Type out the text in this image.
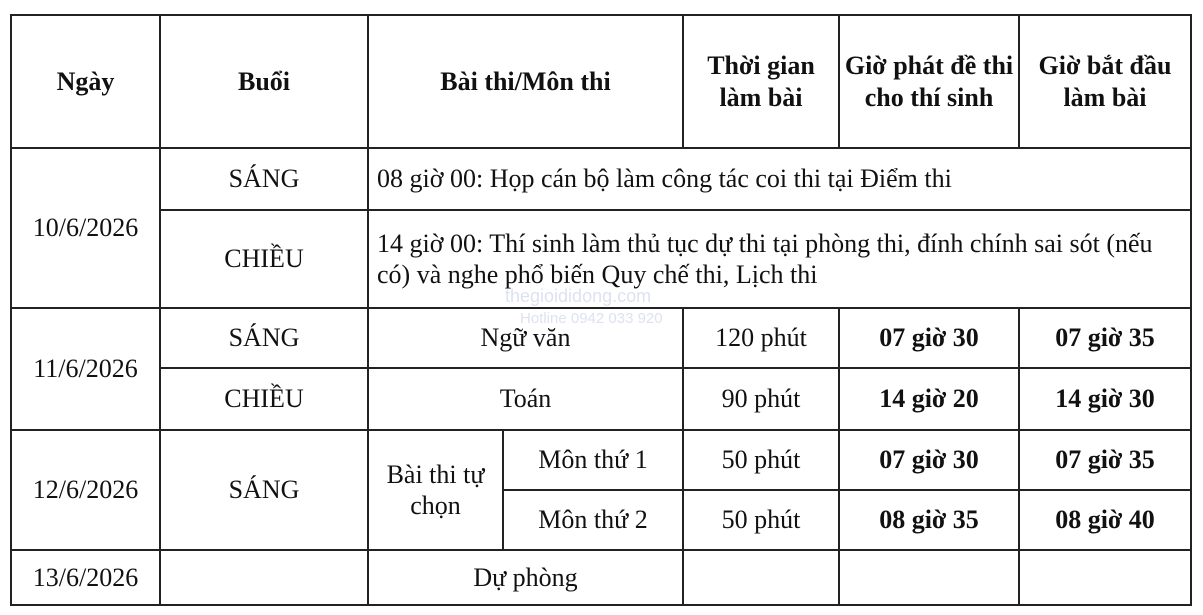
Ngày	Buổi	Bài thi/Môn thi		Thời gian làm bài	Giờ phát đề thi cho thí sinh	Giờ bắt đầu làm bài
10/6/2026	SÁNG	08 giờ 00: Họp cán bộ làm công tác coi thi tại Điểm thi				
	CHIỀU	14 giờ 00: Thí sinh làm thủ tục dự thi tại phòng thi, đính chính sai sót (nếu có) và nghe phổ biến Quy chế thi, Lịch thi				
11/6/2026	SÁNG	Ngữ văn		120 phút	07 giờ 30	07 giờ 35
	CHIỀU	Toán		90 phút	14 giờ 20	14 giờ 30
12/6/2026	SÁNG	Bài thi tự chọn	Môn thứ 1	50 phút	07 giờ 30	07 giờ 35
			Môn thứ 2	50 phút	08 giờ 35	08 giờ 40
13/6/2026		Dự phòng				
thegioididong.com
Hotline 0942 033 920
